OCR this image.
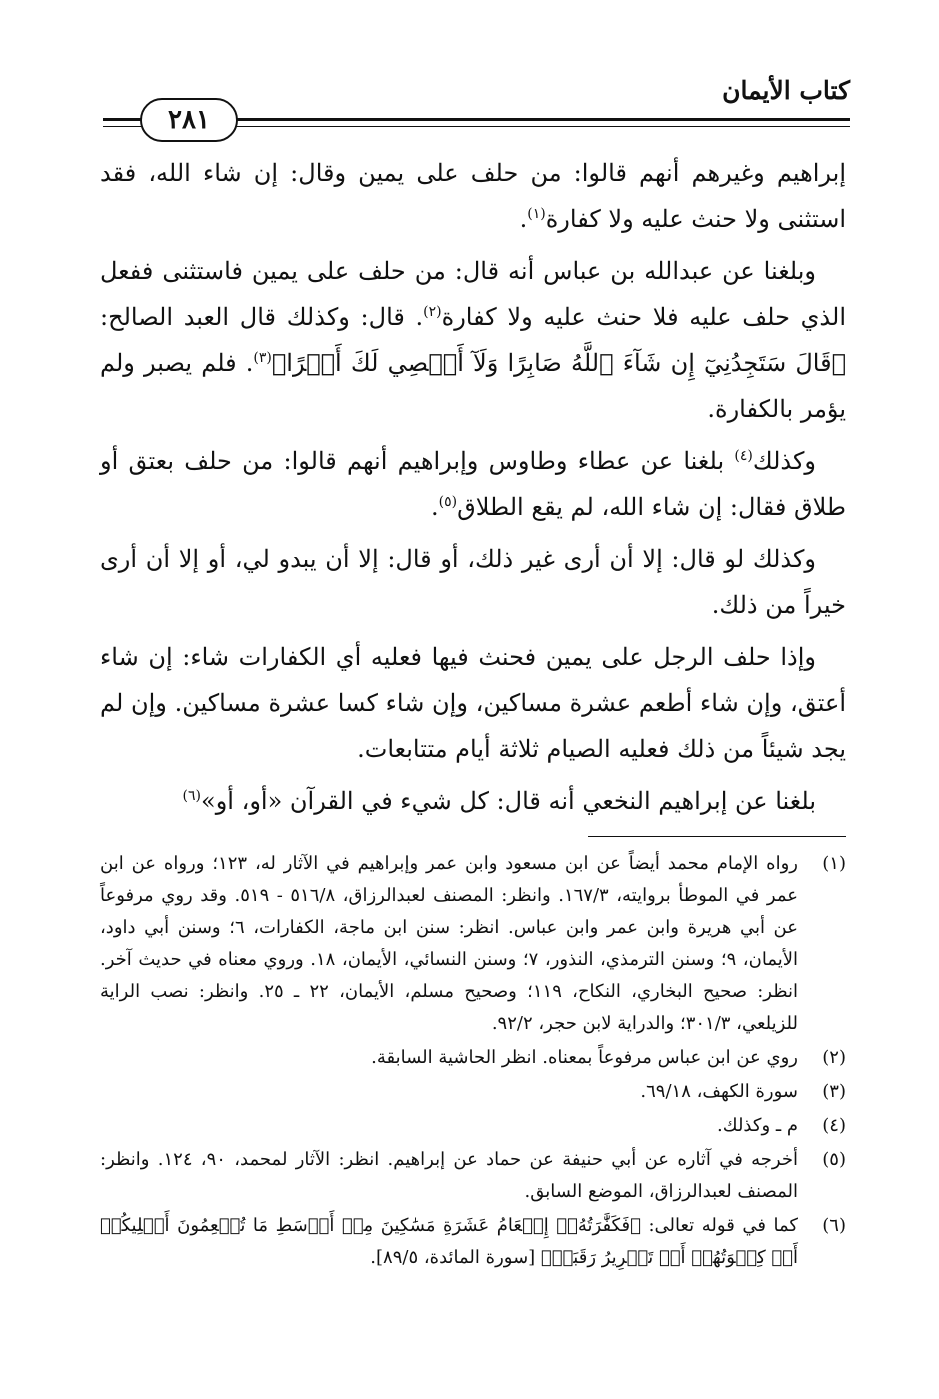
كتاب الأيمان
٢٨١

إبراهيم وغيرهم أنهم قالوا: من حلف على يمين وقال: إن شاء الله، فقد استثنى ولا حنث عليه ولا كفارة$^{(١)}$.

وبلغنا عن عبدالله بن عباس أنه قال: من حلف على يمين فاستثنى ففعل الذي حلف عليه فلا حنث عليه ولا كفارة$^{(٢)}$. قال: وكذلك قال العبد الصالح: ﴿قَالَ سَتَجِدُنِيٓ إِن شَآءَ ٱللَّهُ صَابِرًا وَلَآ أَعۡصِي لَكَ أَمۡرًا﴾$^{(٣)}$. فلم يصبر ولم يؤمر بالكفارة.

وكذلك$^{(٤)}$ بلغنا عن عطاء وطاوس وإبراهيم أنهم قالوا: من حلف بعتق أو طلاق فقال: إن شاء الله، لم يقع الطلاق$^{(٥)}$.

وكذلك لو قال: إلا أن أرى غير ذلك، أو قال: إلا أن يبدو لي، أو إلا أن أرى خيراً من ذلك.

وإذا حلف الرجل على يمين فحنث فيها فعليه أي الكفارات شاء: إن شاء أعتق، وإن شاء أطعم عشرة مساكين، وإن شاء كسا عشرة مساكين. وإن لم يجد شيئاً من ذلك فعليه الصيام ثلاثة أيام متتابعات.

بلغنا عن إبراهيم النخعي أنه قال: كل شيء في القرآن «أو، أو»$^{(٦)}$

(١)
رواه الإمام محمد أيضاً عن ابن مسعود وابن عمر وإبراهيم في الآثار له، ١٢٣؛ ورواه عن ابن عمر في الموطأ بروايته، ١٦٧/٣. وانظر: المصنف لعبدالرزاق، ٥١٦/٨ - ٥١٩. وقد روي مرفوعاً عن أبي هريرة وابن عمر وابن عباس. انظر: سنن ابن ماجة، الكفارات، ٦؛ وسنن أبي داود، الأيمان، ٩؛ وسنن الترمذي، النذور، ٧؛ وسنن النسائي، الأيمان، ١٨. وروي معناه في حديث آخر. انظر: صحيح البخاري، النكاح، ١١٩؛ وصحيح مسلم، الأيمان، ٢٢ ـ ٢٥. وانظر: نصب الراية للزيلعي، ٣٠١/٣؛ والدراية لابن حجر، ٩٢/٢.
(٢)
روي عن ابن عباس مرفوعاً بمعناه. انظر الحاشية السابقة.
(٣)
سورة الكهف، ٦٩/١٨.
(٤)
م ـ وكذلك.
(٥)
أخرجه في آثاره عن أبي حنيفة عن حماد عن إبراهيم. انظر: الآثار لمحمد، ٩٠، ١٢٤. وانظر: المصنف لعبدالرزاق، الموضع السابق.
(٦)
كما في قوله تعالى: ﴿فَكَفَّٰرَتُهُۥٓ إِطۡعَامُ عَشَرَةِ مَسَٰكِينَ مِنۡ أَوۡسَطِ مَا تُطۡعِمُونَ أَهۡلِيكُمۡ أَوۡ كِسۡوَتُهُمۡ أَوۡ تَحۡرِيرُ رَقَبَةٖ﴾ [سورة المائدة، ٨٩/٥].
